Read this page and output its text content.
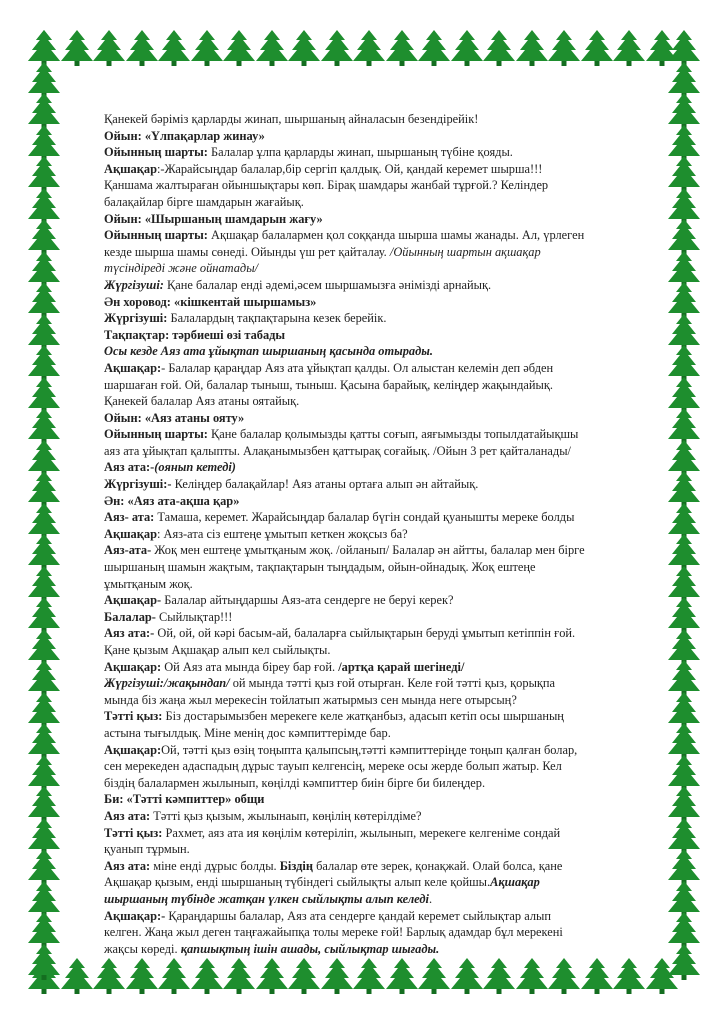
Қанекей бәріміз қарларды жинап, шыршаның айналасын безендірейік!

Ойын: «Үлпақарлар жинау»

Ойынның шарты: Балалар ұлпа қарларды жинап, шыршаның түбіне қояды.

Ақшақар:-Жарайсыңдар балалар,бір сергіп қалдық. Ой, қандай керемет шырша!!!

Қаншама жалтыраған ойыншықтары көп. Бірақ шамдары жанбай тұрғой.? Келіндер

балақайлар бірге шамдарын жағайық.

Ойын: «Шыршаның шамдарын жағу»

Ойынның шарты: Ақшақар балалармен қол соққанда шырша шамы жанады. Ал, үрлеген

кезде шырша шамы сөнеді. Ойынды үш рет қайталау. /Ойынның шартын ақшақар

түсіндіреді және ойнатады/

Жүргізуші: Қане балалар енді әдемі,әсем шыршамызға әнімізді арнайық.

Ән хоровод: «кішкентай шыршамыз»

Жүргізуші: Балалардың тақпақтарына кезек берейік.

Тақпақтар: тәрбиеші өзі табады

Осы кезде Аяз ата ұйықтап шыршаның қасында отырады.

Ақшақар:- Балалар қараңдар Аяз ата ұйықтап қалды. Ол алыстан келемін деп әбден

шаршаған ғой. Ой, балалар тыныш, тыныш. Қасына барайық, келіңдер жақындайық.

Қанекей балалар Аяз атаны оятайық.

Ойын: «Аяз атаны ояту»

Ойынның шарты: Қане балалар қолымызды қатты соғып, аяғымызды топылдатайықшы

аяз ата ұйықтап қалыпты. Алақанымызбен қаттырақ соғайық. /Ойын 3 рет қайталанады/

Аяз ата:-(оянып кетеді)

Жүргізуші:- Келіңдер балақайлар! Аяз атаны ортаға алып ән айтайық.

Ән: «Аяз ата-ақша қар»

Аяз- ата: Тамаша, керемет. Жарайсыңдар балалар бүгін сондай қуанышты мереке болды

Ақшақар: Аяз-ата сіз ештеңе ұмытып кеткен жоқсыз ба?

Аяз-ата- Жоқ мен ештеңе ұмытқаным жоқ. /ойланып/ Балалар ән айтты, балалар мен бірге

шыршаның шамын жақтым, тақпақтарын тыңдадым, ойын-ойнадық. Жоқ ештеңе

ұмытқаным жоқ.

Ақшақар- Балалар айтыңдаршы Аяз-ата сендерге не беруі керек?

Балалар- Сыйлықтар!!!

Аяз ата:- Ой, ой, ой кәрі басым-ай, балаларға сыйлықтарын беруді ұмытып кетіппін ғой.

Қане қызым Ақшақар алып кел сыйлықты.

Ақшақар: Ой Аяз ата мында біреу бар ғой. /артқа қарай шегінеді/

Жүргізуші:/жақындап/ ой мында тәтті қыз ғой отырған. Келе ғой тәтті қыз, қорықпа

мында біз жаңа жыл мерекесін тойлатып жатырмыз сен мында неге отырсың?

Тәтті қыз: Біз достарымызбен мерекеге келе жатқанбыз, адасып кетіп осы шыршаның

астына тығылдық. Міне менің дос кәмпиттерімде бар.

Ақшақар:Ой, тәтті қыз өзің тоңыпта қалыпсың,тәтті кәмпиттеріңде тоңып қалған болар,

сен мерекеден адаспадың дұрыс тауып келгенсің, мереке осы жерде болып жатыр. Кел

біздің балалармен жылынып, көңілді кәмпиттер биін бірге би билеңдер.

Би: «Тәтті кәмпиттер» общи

Аяз ата: Тәтті қыз қызым, жылынаып, көңілің көтерілдіме?

Тәтті қыз: Рахмет, аяз ата ия көңілім көтеріліп, жылынып, мерекеге келгеніме сондай

қуанып тұрмын.

Аяз ата: міне енді дұрыс болды. Біздің балалар өте зерек, қонақжай. Олай болса, қане

Ақшақар қызым, енді шыршаның түбіндегі сыйлықты алып келе қойшы.Ақшақар

шыршаның түбінде жатқан үлкен сыйлықты алып келеді.

Ақшақар:- Қараңдаршы балалар, Аяз ата сендерге қандай керемет сыйлықтар алып

келген. Жаңа жыл деген таңғажайыпқа толы мереке ғой! Барлық адамдар бұл мерекені

жақсы көреді. қапшықтың ішін ашады, сыйлықтар шығады.
